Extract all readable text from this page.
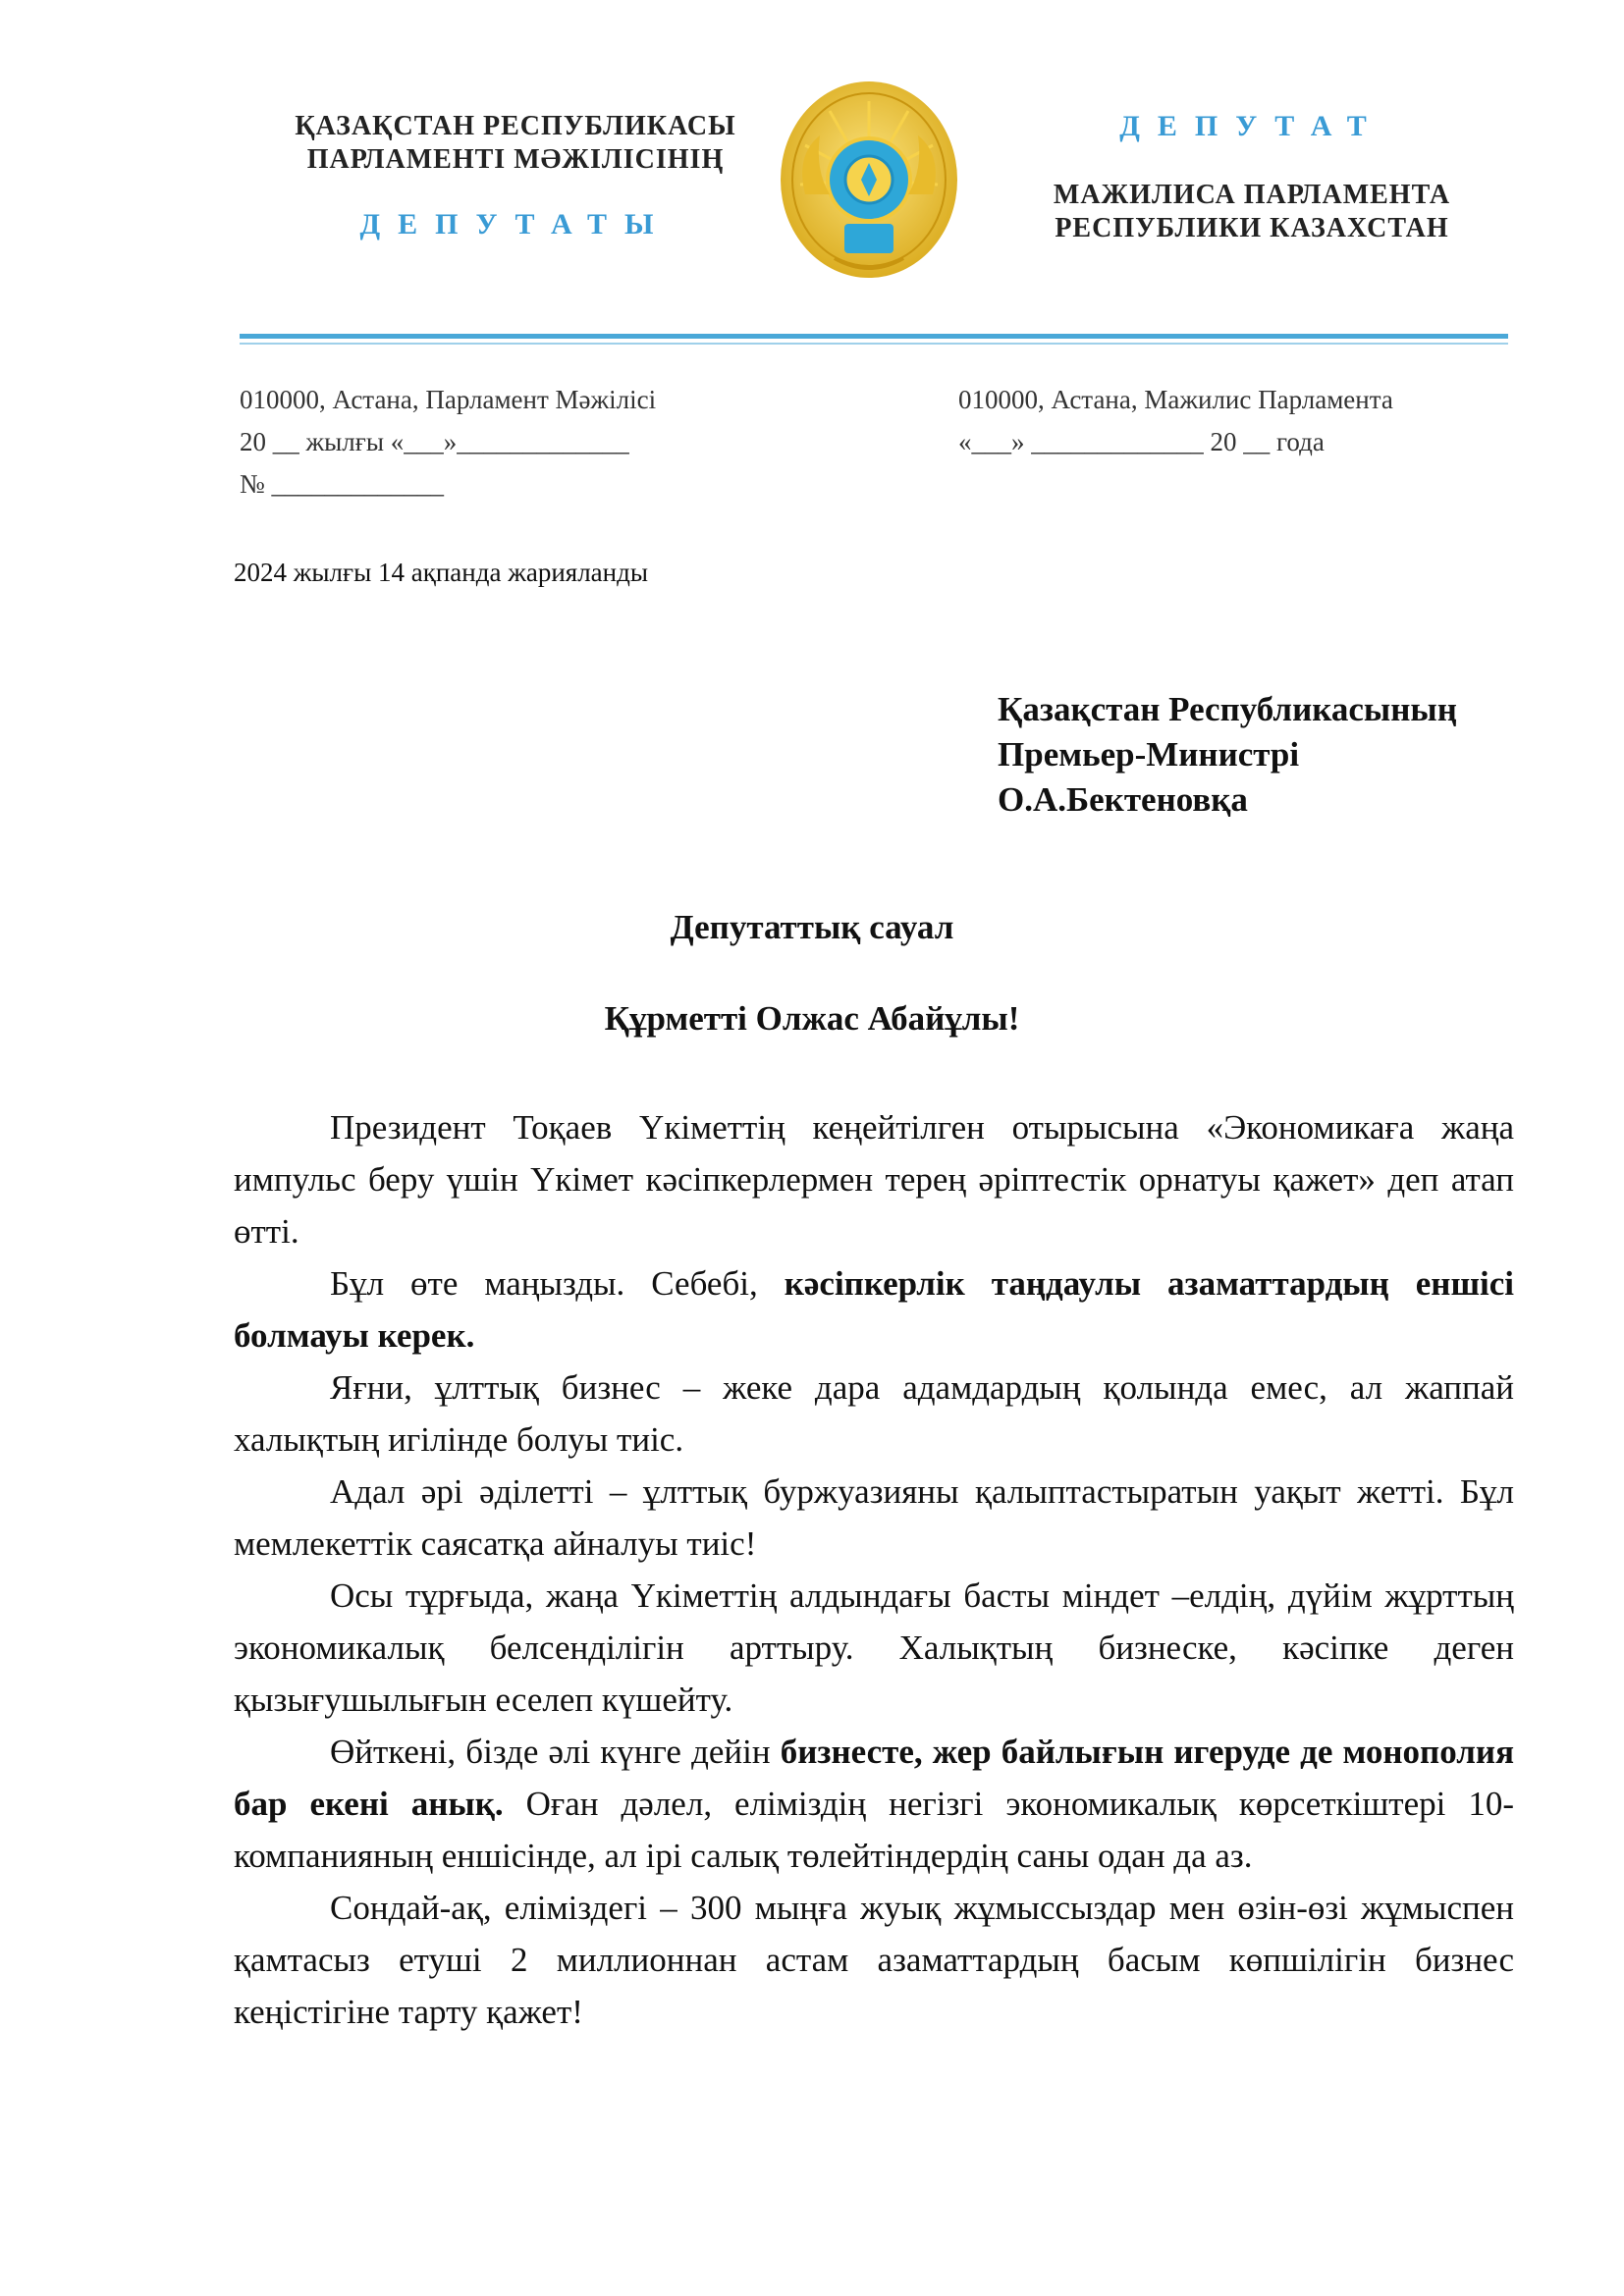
ҚАЗАҚСТАН РЕСПУБЛИКАСЫ
ПАРЛАМЕНТІ МӘЖІЛІСІНІҢ
ДЕПУТАТЫ
ДЕПУТАТ
МАЖИЛИСА ПАРЛАМЕНТА
РЕСПУБЛИКИ КАЗАХСТАН
010000, Астана, Парламент Мәжілісі
20 __ жылғы «___»_____________
№ _____________
010000, Астана, Мажилис Парламента
«___» _____________ 20 __ года
2024 жылғы 14 ақпанда жарияланды
Қазақстан Республикасының
Премьер-Министрі
О.А.Бектеновқа
Депутаттық сауал
Құрметті Олжас Абайұлы!

Президент Тоқаев Үкіметтің кеңейтілген отырысына «Экономикаға жаңа импульс беру үшін Үкімет кәсіпкерлермен терең әріптестік орнатуы қажет» деп атап өтті.

Бұл өте маңызды. Себебі, кәсіпкерлік таңдаулы азаматтардың еншісі болмауы керек.

Яғни, ұлттық бизнес – жеке дара адамдардың қолында емес, ал жаппай халықтың игілінде болуы тиіс.

Адал әрі әділетті – ұлттық буржуазияны қалыптастыратын уақыт жетті. Бұл мемлекеттік саясатқа айналуы тиіс!

Осы тұрғыда, жаңа Үкіметтің алдындағы басты міндет –елдің, дүйім жұрттың экономикалық белсенділігін арттыру. Халықтың бизнеске, кәсіпке деген қызығушылығын еселеп күшейту.

Өйткені, бізде әлі күнге дейін бизнесте, жер байлығын игеруде де монополия бар екені анық. Оған дәлел, еліміздің негізгі экономикалық көрсеткіштері 10-компанияның еншісінде, ал ірі салық төлейтіндердің саны одан да аз.

Сондай-ақ, еліміздегі – 300 мыңға жуық жұмыссыздар мен өзін-өзі жұмыспен қамтасыз етуші 2 миллионнан астам азаматтардың басым көпшілігін бизнес кеңістігіне тарту қажет!
